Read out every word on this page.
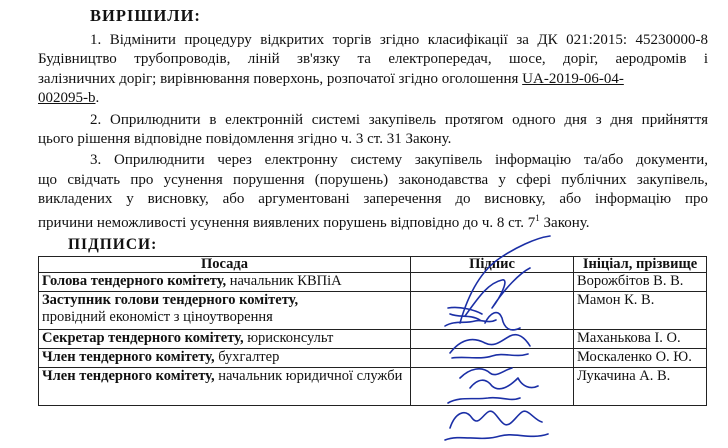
ВИРІШИЛИ:
1. Відмінити процедуру відкритих торгів згідно класифікації за ДК 021:2015: 45230000-8
Будівництво трубопроводів, ліній зв'язку та електропередач, шосе, доріг, аеродромів і
залізничних доріг; вирівнювання поверхонь, розпочатої згідно оголошення UA-2019-06-04-
002095-b.
2. Оприлюднити в електронній системі закупівель протягом одного дня з дня прийняття
цього рішення відповідне повідомлення згідно ч. 3 ст. 31 Закону.
3. Оприлюднити через електронну систему закупівель інформацію та/або документи,
що свідчать про усунення порушення (порушень) законодавства у сфері публічних закупівель,
викладених у висновку, або аргументовані заперечення до висновку, або інформацію про
причини неможливості усунення виявлених порушень відповідно до ч. 8 ст. $7^1$ Закону.
ПІДПИСИ:
Посада	Підпис	Ініціал, прізвище
Голова тендерного комітету, начальник КВПіА		Ворожбітов В. В.
Заступник голови тендерного комітету,
провідний економіст з ціноутворення		Мамон К. В.
Секретар тендерного комітету, юрисконсульт		Маханькова І. О.
Член тендерного комітету, бухгалтер		Москаленко О. Ю.
Член тендерного комітету, начальник юридичної служби		Лукачина А. В.
